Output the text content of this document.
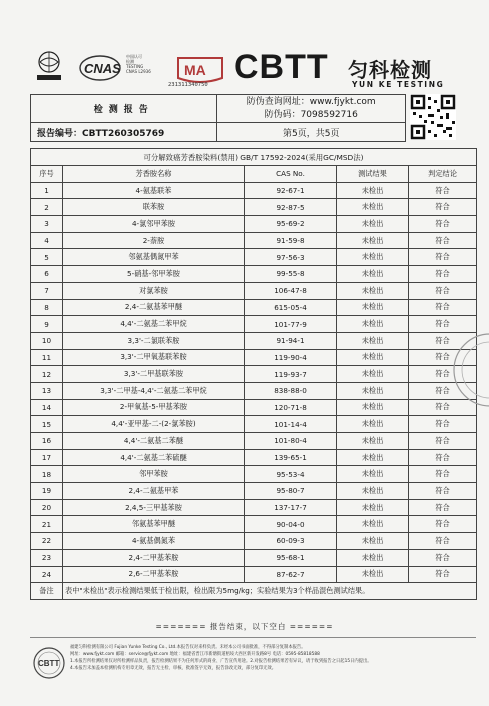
CNAS
中国认可
检测
TESTING
CNAS L2936	MA
231311340750 CBTT 匀科检测
YUN KE TESTING
检测报告	防伪查询网址：www.fjykt.com
防伪码：7098592716

报告编号：CBTT260305769	第5页，共5页
可分解致癌芳香胺染料(禁用) GB/T 17592-2024(采用GC/MSD法)				
序号	芳香胺名称	CAS No.	测试结果	判定结论
1	4-氨基联苯	92-67-1	未检出	符合
2	联苯胺	92-87-5	未检出	符合
3	4-氯邻甲苯胺	95-69-2	未检出	符合
4	2-萘胺	91-59-8	未检出	符合
5	邻氨基偶氮甲苯	97-56-3	未检出	符合
6	5-硝基-邻甲苯胺	99-55-8	未检出	符合
7	对氯苯胺	106-47-8	未检出	符合
8	2,4-二氨基苯甲醚	615-05-4	未检出	符合
9	4,4'-二氨基二苯甲烷	101-77-9	未检出	符合
10	3,3'-二氯联苯胺	91-94-1	未检出	符合
11	3,3'-二甲氧基联苯胺	119-90-4	未检出	符合
12	3,3'-二甲基联苯胺	119-93-7	未检出	符合
13	3,3'-二甲基-4,4'-二氨基二苯甲烷	838-88-0	未检出	符合
14	2-甲氧基-5-甲基苯胺	120-71-8	未检出	符合
15	4,4'-亚甲基-二-(2-氯苯胺)	101-14-4	未检出	符合
16	4,4'-二氨基二苯醚	101-80-4	未检出	符合
17	4,4'-二氨基二苯硫醚	139-65-1	未检出	符合
18	邻甲苯胺	95-53-4	未检出	符合
19	2,4-二氨基甲苯	95-80-7	未检出	符合
20	2,4,5-三甲基苯胺	137-17-7	未检出	符合
21	邻氨基苯甲醚	90-04-0	未检出	符合
22	4-氨基偶氮苯	60-09-3	未检出	符合
23	2,4-二甲基苯胺	95-68-1	未检出	符合
24	2,6-二甲基苯胺	87-62-7	未检出	符合
备注	表中"未检出"表示检测结果低于检出限，检出限为5mg/kg；实验结果为3个样品混色测试结果。			
======= 报告结束，以下空白 ======
CBTT
福建匀科检测有限公司 Fujian Yunke Testing Co., Ltd.本报告仅对来样负责。未经本公司书面批准，不得部分复制本报告。
网址：www.fjykt.com 邮箱：service@fjykt.com 地址：福建省晋江市新塘街道梧垵大西区新开发路8号 电话：0595-85818588
1.本报告所检测结果仅对所检测样品负责，报告检测结果不为任何形式的商业、广告宣传用途。2.对报告检测结果若有异议，请于收到报告之日起15日内提出。
4.本报告未加盖本检测机构专用章无效，报告无主检、审核、批准签字无效，报告涂改无效，部分复印无效。
